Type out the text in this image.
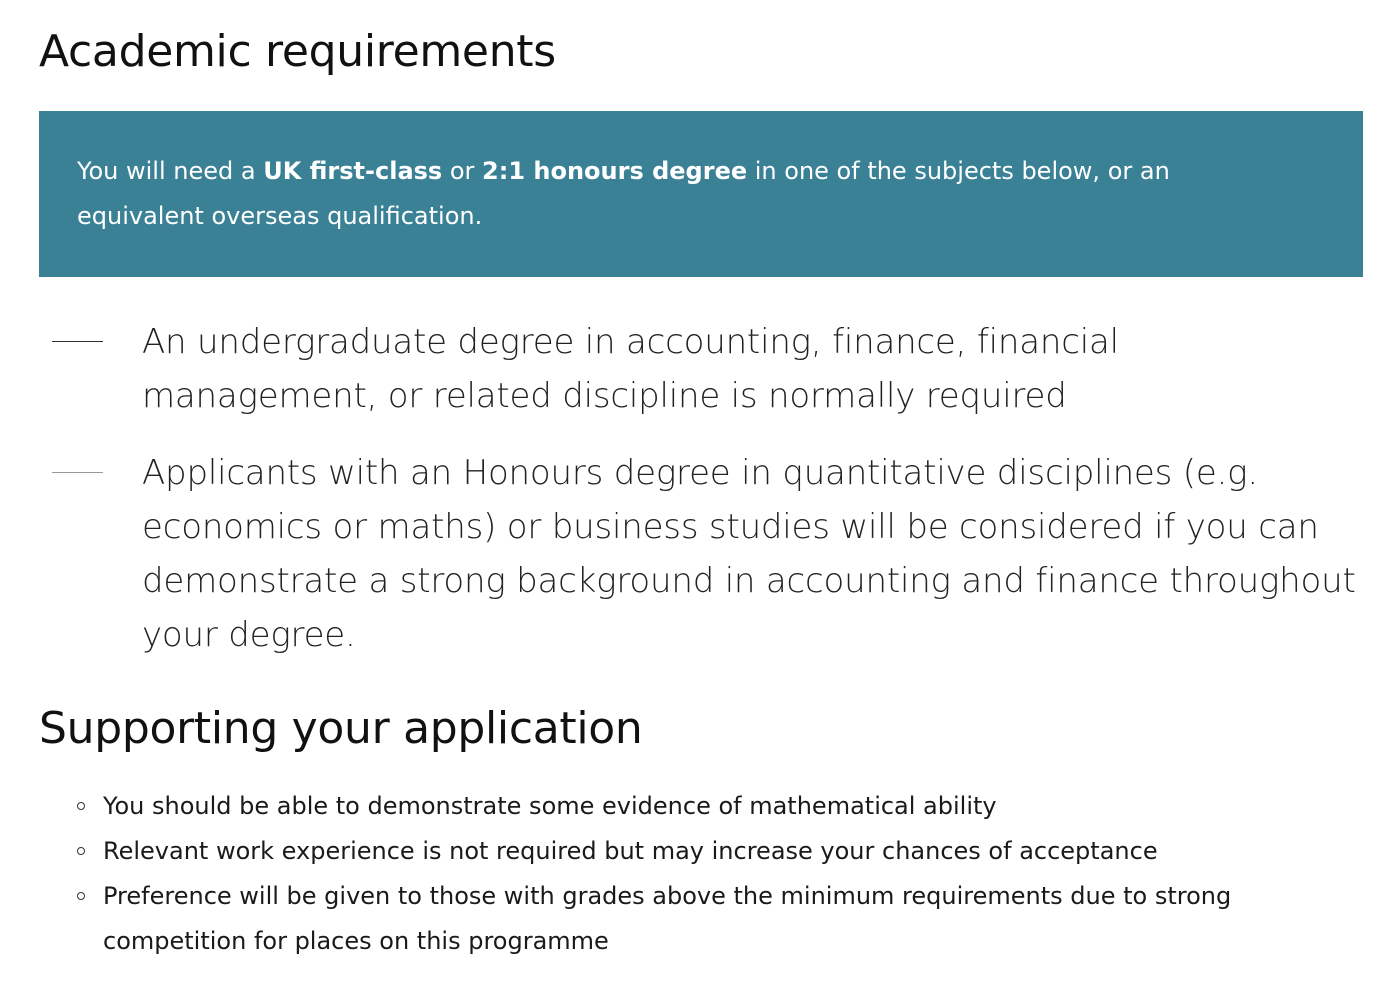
Academic requirements
You will need a UK first-class or 2:1 honours degree in one of the subjects below, or an equivalent overseas qualification.
An undergraduate degree in accounting, finance, financial management, or related discipline is normally required
Applicants with an Honours degree in quantitative disciplines (e.g. economics or maths) or business studies will be considered if you can demonstrate a strong background in accounting and finance throughout your degree.
Supporting your application
You should be able to demonstrate some evidence of mathematical ability
Relevant work experience is not required but may increase your chances of acceptance
Preference will be given to those with grades above the minimum requirements due to strong competition for places on this programme
